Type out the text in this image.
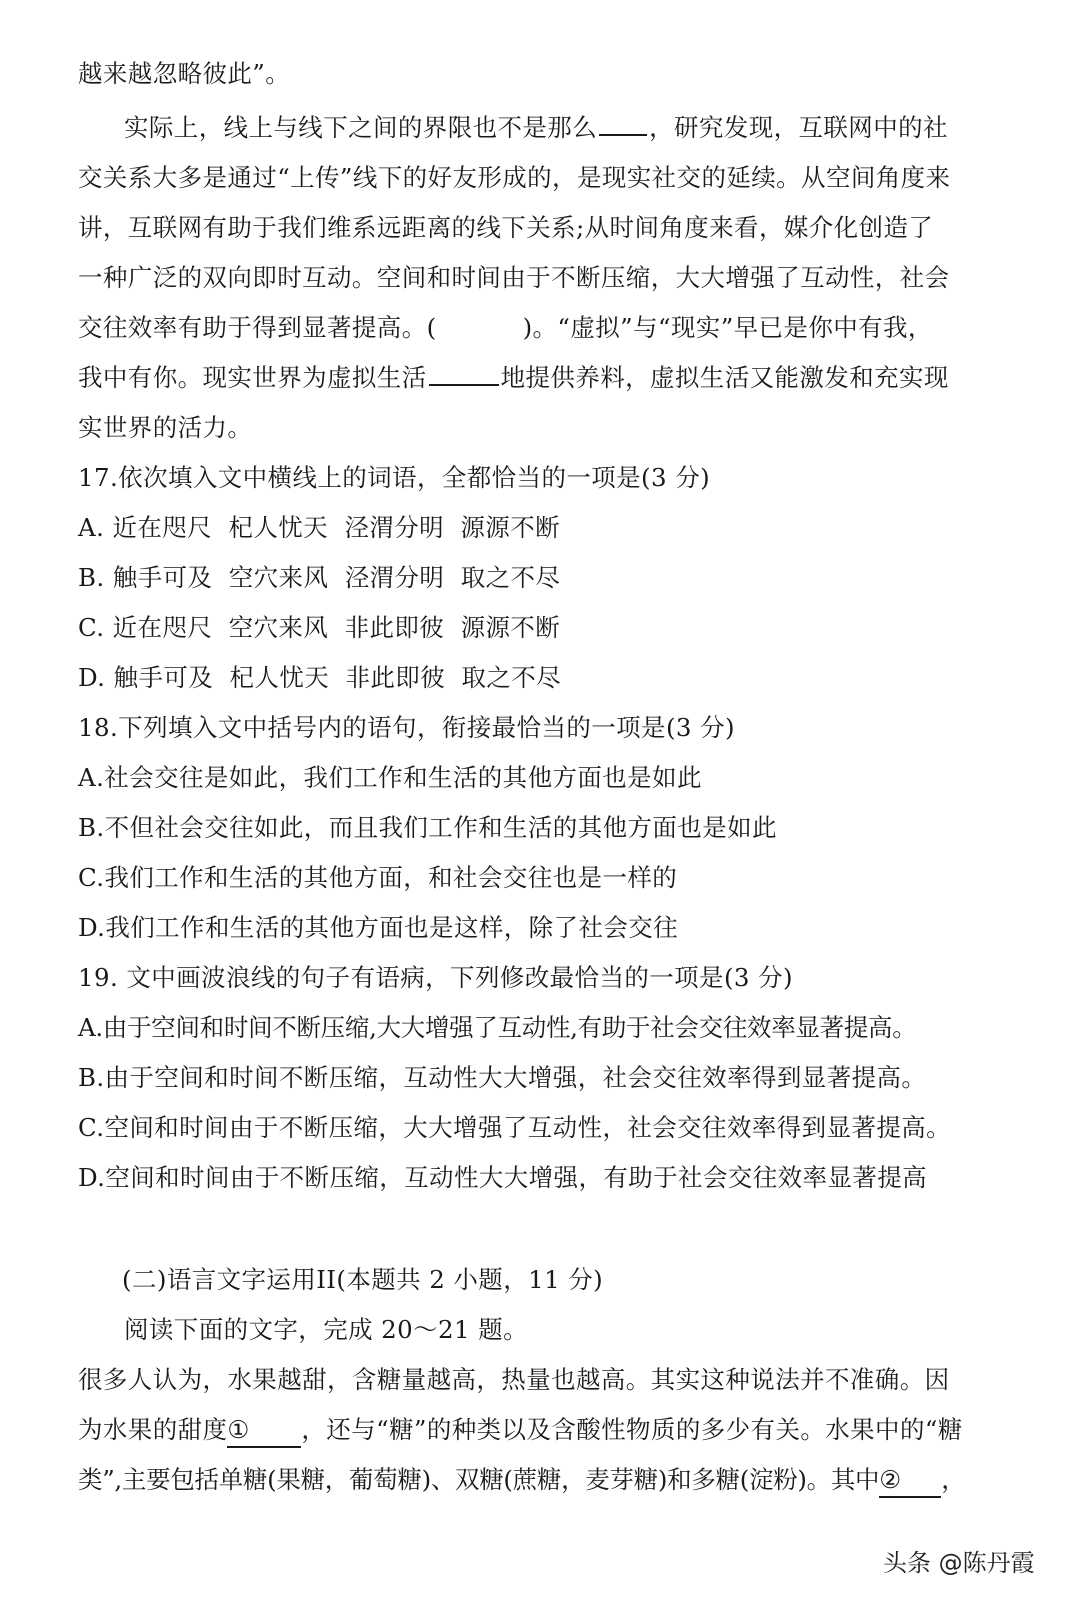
越来越忽略彼此”。
实际上，线上与线下之间的界限也不是那么 ，研究发现，互联网中的社
交关系大多是通过“上传”线下的好友形成的，是现实社交的延续。从空间角度来
讲，互联网有助于我们维系远距离的线下关系;从时间角度来看，媒介化创造了
一种广泛的双向即时互动。空间和时间由于不断压缩，大大增强了互动性，社会
交往效率有助于得到显著提高。(	)。“虚拟”与“现实”早已是你中有我，
我中有你。现实世界为虚拟生活	地提供养料，虚拟生活又能激发和充实现
实世界的活力。
17.依次填入文中横线上的词语，全都恰当的一项是(3 分)
A. 近在咫尺  杞人忧天  泾渭分明  源源不断
B. 触手可及  空穴来风  泾渭分明  取之不尽
C. 近在咫尺  空穴来风  非此即彼  源源不断
D. 触手可及  杞人忧天  非此即彼  取之不尽
18.下列填入文中括号内的语句，衔接最恰当的一项是(3 分)
A.社会交往是如此，我们工作和生活的其他方面也是如此
B.不但社会交往如此，而且我们工作和生活的其他方面也是如此
C.我们工作和生活的其他方面，和社会交往也是一样的
D.我们工作和生活的其他方面也是这样，除了社会交往
19. 文中画波浪线的句子有语病，下列修改最恰当的一项是(3 分)
A.由于空间和时间不断压缩,大大增强了互动性,有助于社会交往效率显著提高。
B.由于空间和时间不断压缩，互动性大大增强，社会交往效率得到显著提高。
C.空间和时间由于不断压缩，大大增强了互动性，社会交往效率得到显著提高。
D.空间和时间由于不断压缩，互动性大大增强，有助于社会交往效率显著提高
(二)语言文字运用II(本题共 2 小题，11 分)
阅读下面的文字，完成 20～21 题。
很多人认为，水果越甜，含糖量越高，热量也越高。其实这种说法并不准确。因
为水果的甜度① ，还与“糖”的种类以及含酸性物质的多少有关。水果中的“糖
类”,主要包括单糖(果糖，葡萄糖)、双糖(蔗糖，麦芽糖)和多糖(淀粉)。其中② ，
头条 @陈丹霞
